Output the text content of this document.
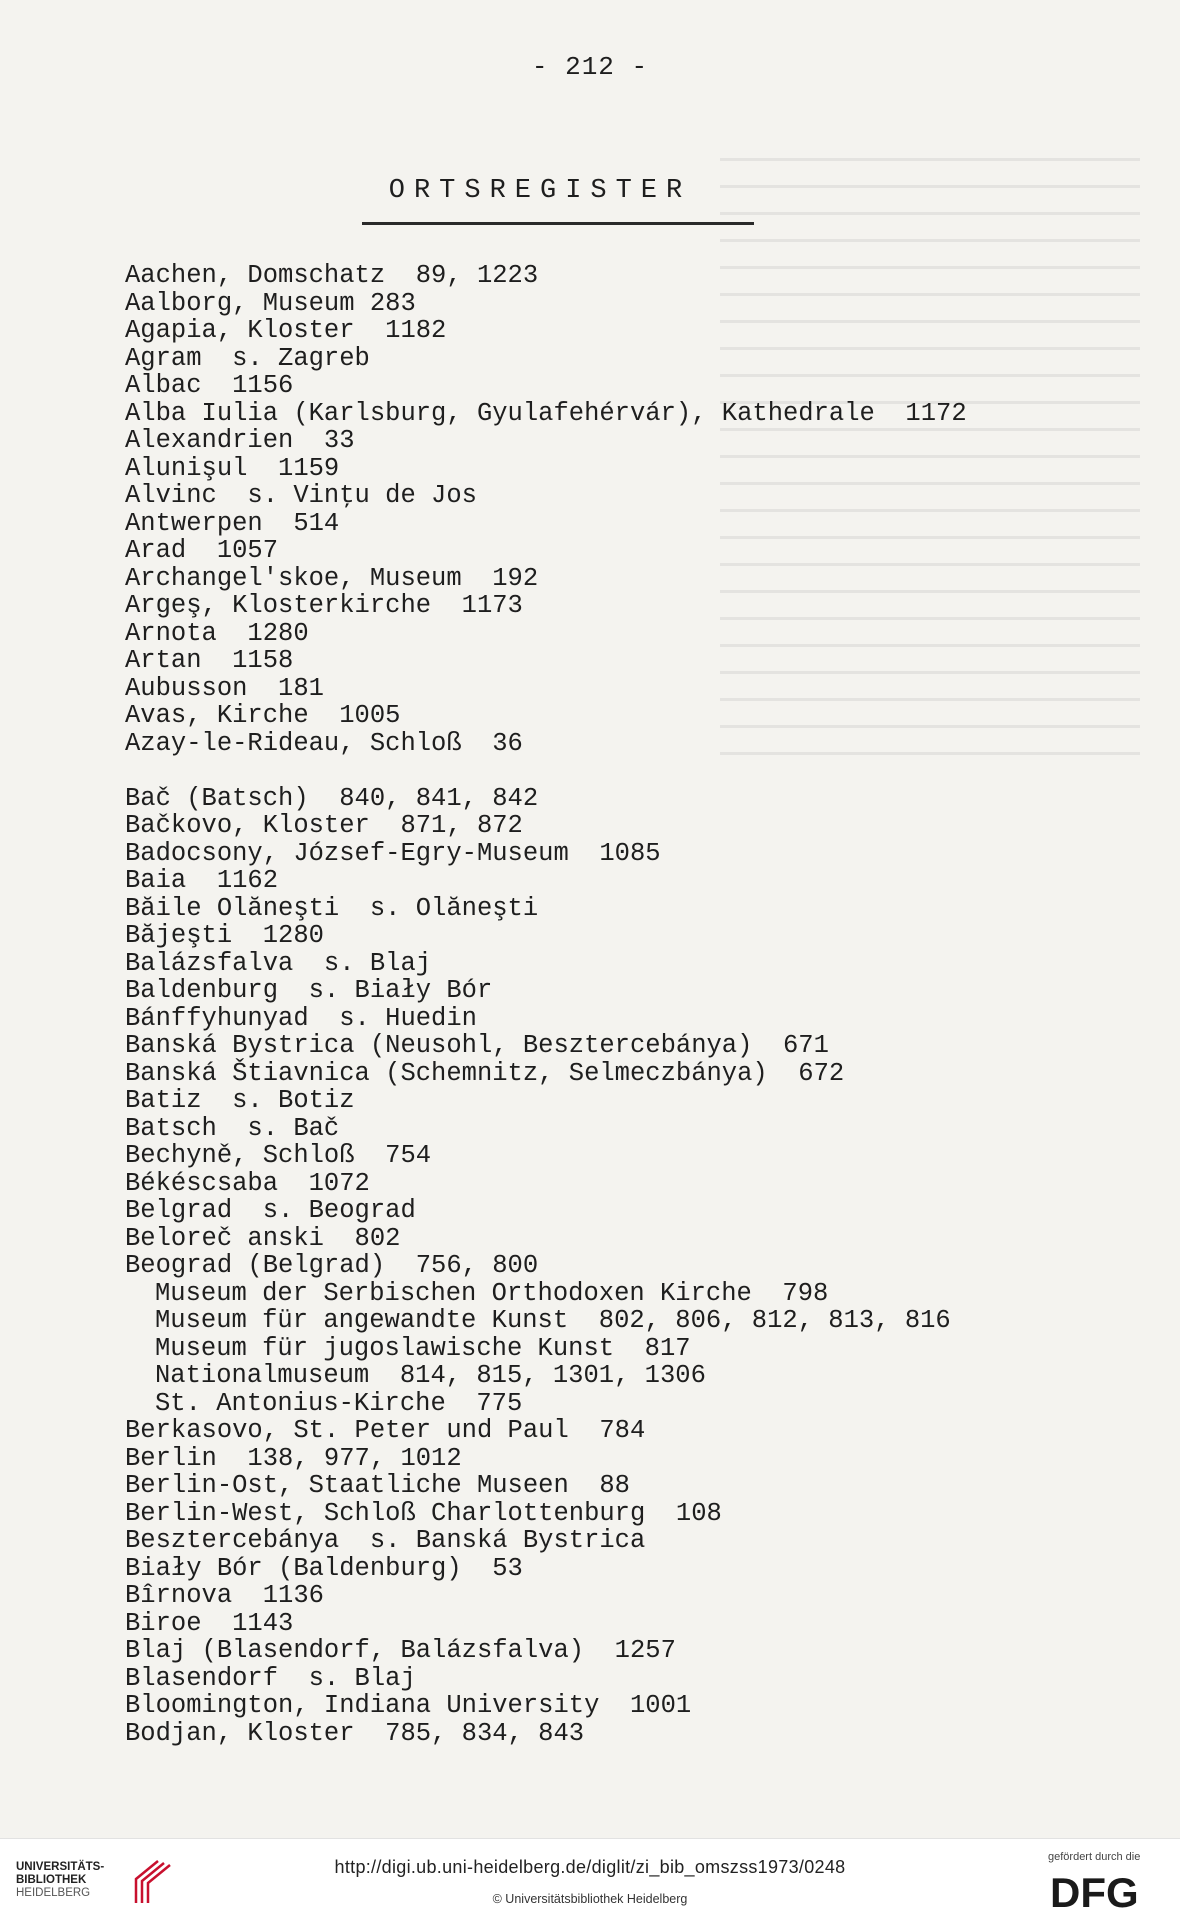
- 212 -
ORTSREGISTER
Aachen, Domschatz  89, 1223
Aalborg, Museum 283
Agapia, Kloster  1182
Agram  s. Zagreb
Albac  1156
Alba Iulia (Karlsburg, Gyulafehérvár), Kathedrale  1172
Alexandrien  33
Alunişul  1159
Alvinc  s. Vinţu de Jos
Antwerpen  514
Arad  1057
Archangel'skoe, Museum  192
Argeş, Klosterkirche  1173
Arnota  1280
Artan  1158
Aubusson  181
Avas, Kirche  1005
Azay-le-Rideau, Schloß  36
Bač (Batsch)  840, 841, 842
Bačkovo, Kloster  871, 872
Badocsony, József-Egry-Museum  1085
Baia  1162
Băile Olăneşti  s. Olăneşti
Băjeşti  1280
Balázsfalva  s. Blaj
Baldenburg  s. Biały Bór
Bánffyhunyad  s. Huedin
Banská Bystrica (Neusohl, Besztercebánya)  671
Banská Štiavnica (Schemnitz, Selmeczbánya)  672
Batiz  s. Botiz
Batsch  s. Bač
Bechyně, Schloß  754
Békéscsaba  1072
Belgrad  s. Beograd
Beloreč anski  802
Beograd (Belgrad)  756, 800
Museum der Serbischen Orthodoxen Kirche  798
Museum für angewandte Kunst  802, 806, 812, 813, 816
Museum für jugoslawische Kunst  817
Nationalmuseum  814, 815, 1301, 1306
St. Antonius-Kirche  775
Berkasovo, St. Peter und Paul  784
Berlin  138, 977, 1012
Berlin-Ost, Staatliche Museen  88
Berlin-West, Schloß Charlottenburg  108
Besztercebánya  s. Banská Bystrica
Biały Bór (Baldenburg)  53
Bîrnova  1136
Biroe  1143
Blaj (Blasendorf, Balázsfalva)  1257
Blasendorf  s. Blaj
Bloomington, Indiana University  1001
Bodjan, Kloster  785, 834, 843
UNIVERSITÄTS-
BIBLIOTHEK
HEIDELBERG
http://digi.ub.uni-heidelberg.de/diglit/zi_bib_omszss1973/0248
© Universitätsbibliothek Heidelberg
gefördert durch die
DFG
